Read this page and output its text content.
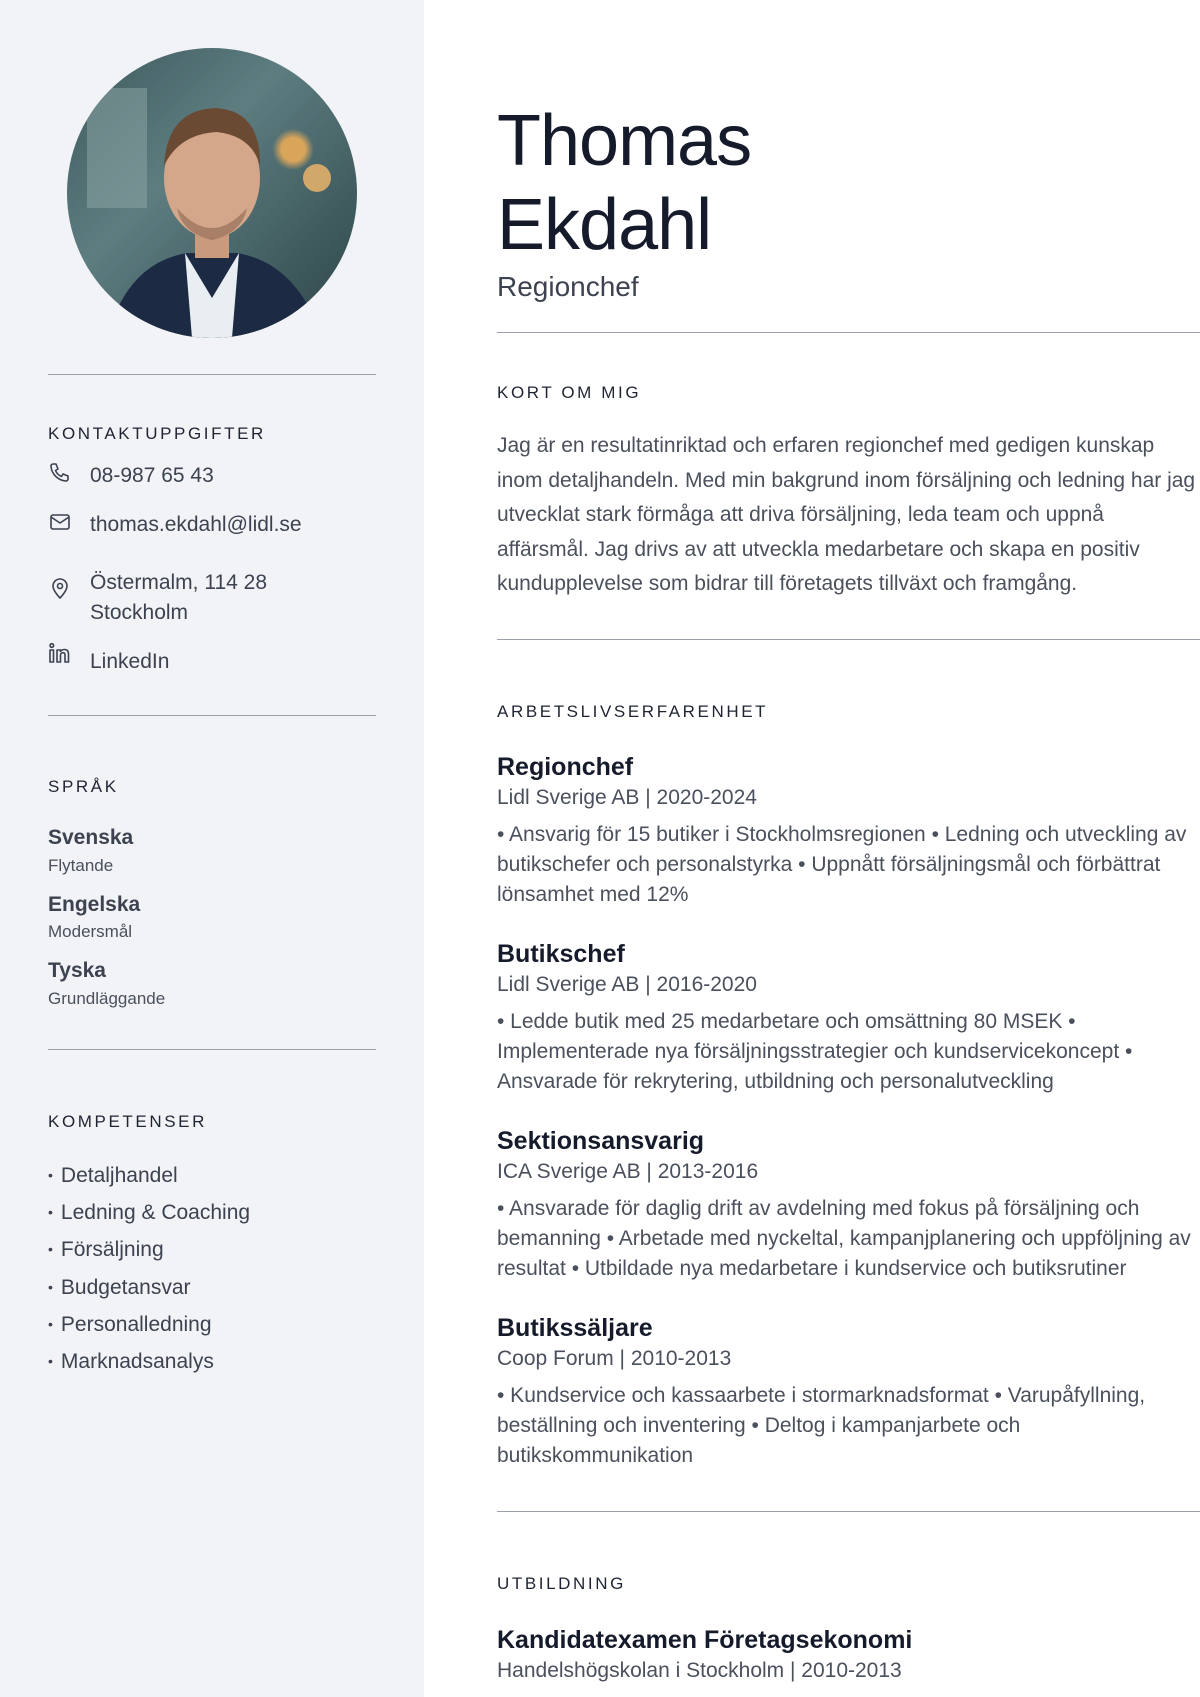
KONTAKTUPPGIFTER
08-987 65 43
thomas.ekdahl@lidl.se
Östermalm, 114 28
Stockholm
LinkedIn
SPRÅK
Svenska
Flytande
Engelska
Modersmål
Tyska
Grundläggande
KOMPETENSER
• Detaljhandel
• Ledning & Coaching
• Försäljning
• Budgetansvar
• Personalledning
• Marknadsanalys
Thomas
Ekdahl
Regionchef
KORT OM MIG

Jag är en resultatinriktad och erfaren regionchef med gedigen kunskap inom detaljhandeln. Med min bakgrund inom försäljning och ledning har jag utvecklat stark förmåga att driva försäljning, leda team och uppnå affärsmål. Jag drivs av att utveckla medarbetare och skapa en positiv kundupplevelse som bidrar till företagets tillväxt och framgång.

ARBETSLIVSERFARENHET
Regionchef
Lidl Sverige AB | 2020-2024
• Ansvarig för 15 butiker i Stockholmsregionen • Ledning och utveckling av butikschefer och personalstyrka • Uppnått försäljningsmål och förbättrat lönsamhet med 12%
Butikschef
Lidl Sverige AB | 2016-2020
• Ledde butik med 25 medarbetare och omsättning 80 MSEK • Implementerade nya försäljningsstrategier och kundservicekoncept • Ansvarade för rekrytering, utbildning och personalutveckling
Sektionsansvarig
ICA Sverige AB | 2013-2016
• Ansvarade för daglig drift av avdelning med fokus på försäljning och bemanning • Arbetade med nyckeltal, kampanjplanering och uppföljning av resultat • Utbildade nya medarbetare i kundservice och butiksrutiner
Butikssäljare
Coop Forum | 2010-2013
• Kundservice och kassaarbete i stormarknadsformat • Varupåfyllning, beställning och inventering • Deltog i kampanjarbete och butikskommunikation
UTBILDNING
Kandidatexamen Företagsekonomi
Handelshögskolan i Stockholm | 2010-2013
